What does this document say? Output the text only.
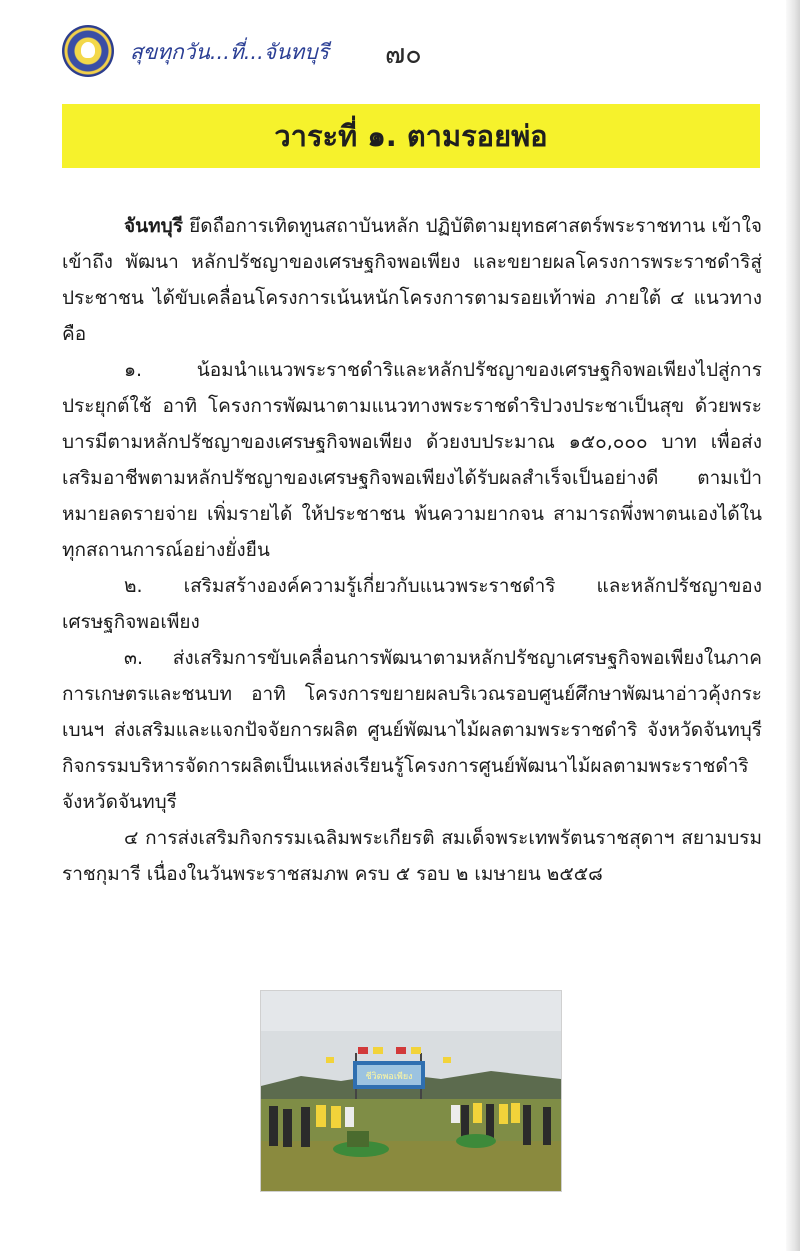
สุขทุกวัน...ที่...จันทบุรี ๗๐
วาระที่ ๑. ตามรอยพ่อ

จันทบุรี ยึดถือการเทิดทูนสถาบันหลัก ปฏิบัติตามยุทธศาสตร์พระราชทาน เข้าใจ เข้าถึง พัฒนา หลักปรัชญาของเศรษฐกิจพอเพียง และขยายผลโครงการพระราชดำริสู่ประชาชน ได้ขับเคลื่อนโครงการเน้นหนักโครงการตามรอยเท้าพ่อ ภายใต้ ๔ แนวทางคือ

๑. น้อมนำแนวพระราชดำริและหลักปรัชญาของเศรษฐกิจพอเพียงไปสู่การประยุกต์ใช้ อาทิ โครงการพัฒนาตามแนวทางพระราชดำริปวงประชาเป็นสุข ด้วยพระบารมีตามหลักปรัชญาของเศรษฐกิจพอเพียง ด้วยงบประมาณ ๑๕๐,๐๐๐ บาท เพื่อส่งเสริมอาชีพตามหลักปรัชญาของเศรษฐกิจพอเพียงได้รับผลสำเร็จเป็นอย่างดี ตามเป้าหมายลดรายจ่าย เพิ่มรายได้ ให้ประชาชน พ้นความยากจน สามารถพึ่งพาตนเองได้ในทุกสถานการณ์อย่างยั่งยืน

๒. เสริมสร้างองค์ความรู้เกี่ยวกับแนวพระราชดำริ และหลักปรัชญาของเศรษฐกิจพอเพียง

๓. ส่งเสริมการขับเคลื่อนการพัฒนาตามหลักปรัชญาเศรษฐกิจพอเพียงในภาคการเกษตรและชนบท อาทิ โครงการขยายผลบริเวณรอบศูนย์ศึกษาพัฒนาอ่าวคุ้งกระเบนฯ ส่งเสริมและแจกปัจจัยการผลิต ศูนย์พัฒนาไม้ผลตามพระราชดำริ จังหวัดจันทบุรี กิจกรรมบริหารจัดการผลิตเป็นแหล่งเรียนรู้โครงการศูนย์พัฒนาไม้ผลตามพระราชดำริ จังหวัดจันทบุรี

๔ การส่งเสริมกิจกรรมเฉลิมพระเกียรติ สมเด็จพระเทพรัตนราชสุดาฯ สยามบรมราชกุมารี เนื่องในวันพระราชสมภพ ครบ ๕ รอบ ๒ เมษายน ๒๕๕๘

ชีวิตพอเพียง
